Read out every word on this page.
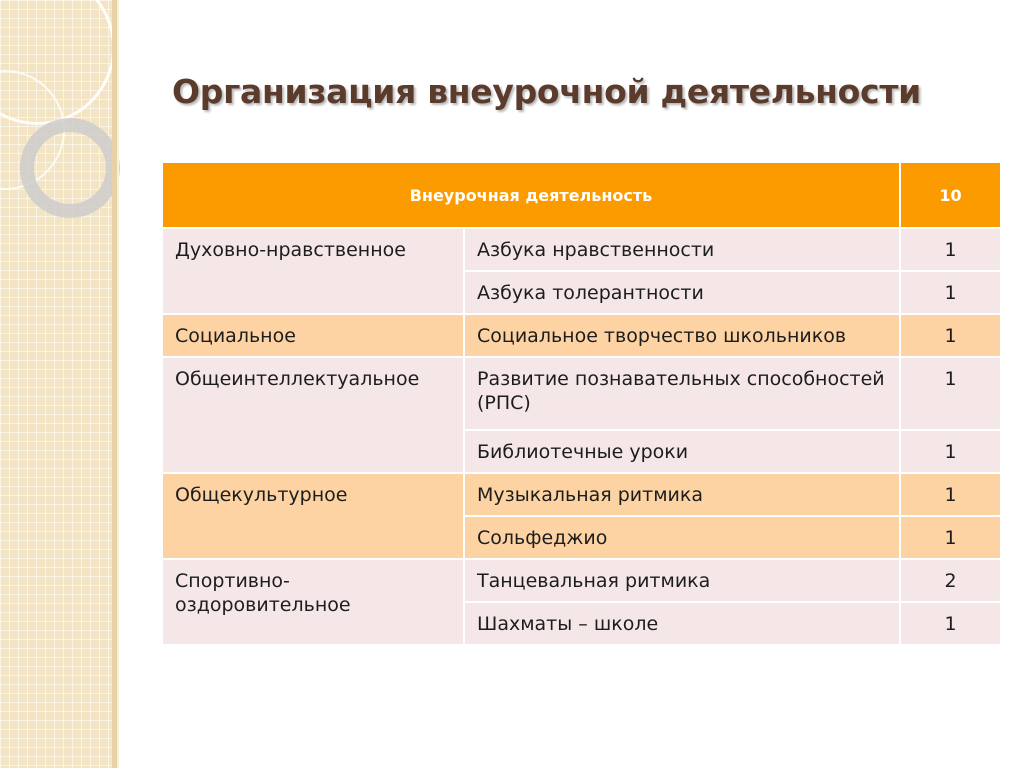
Организация внеурочной деятельности
Внеурочная деятельность		10
Духовно-нравственное	Азбука нравственности	1
	Азбука толерантности	1
Социальное	Социальное творчество школьников	1
Общеинтеллектуальное	Развитие познавательных способностей (РПС)	1
	Библиотечные уроки	1
Общекультурное	Музыкальная ритмика	1
	Сольфеджио	1
Спортивно-оздоровительное	Танцевальная ритмика	2
	Шахматы – школе	1
